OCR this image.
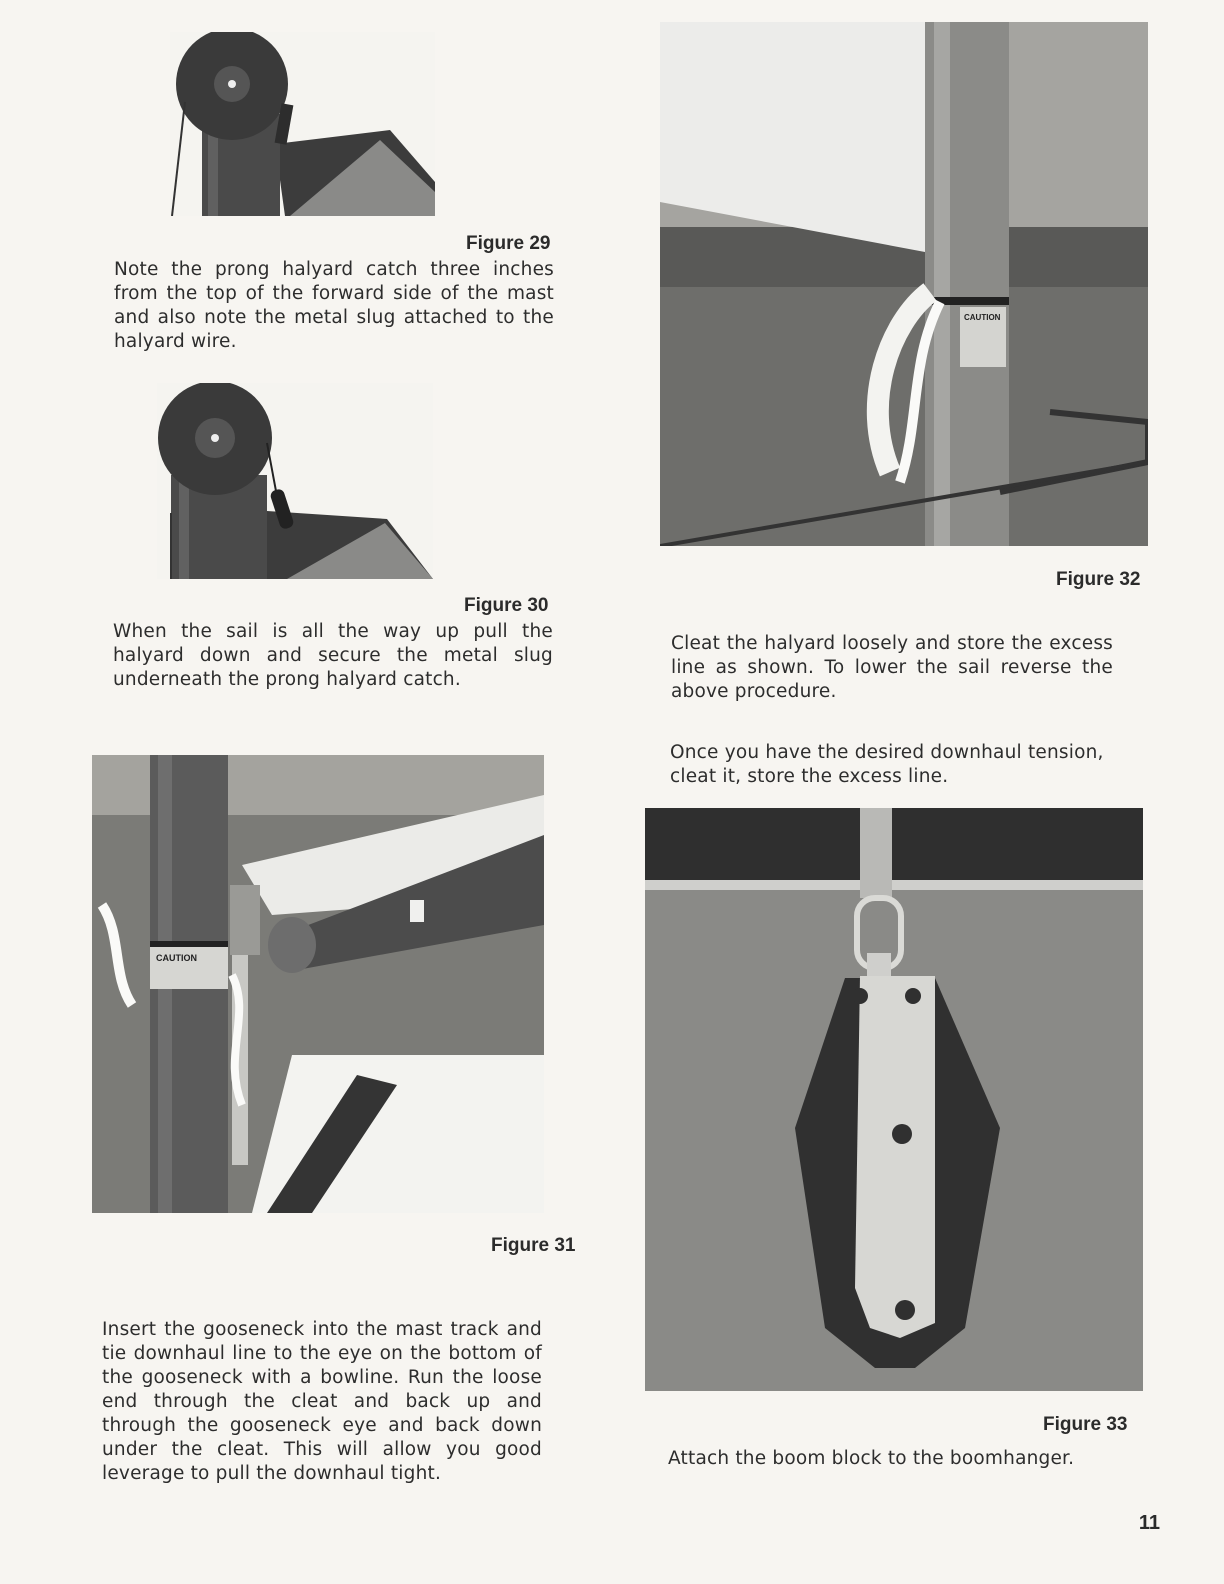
Figure 29

Note the prong halyard catch three inches from the top of the forward side of the mast and also note the metal slug attached to the halyard wire.

Figure 30

When the sail is all the way up pull the halyard down and secure the metal slug underneath the prong halyard catch.

CAUTION

Figure 31

Insert the gooseneck into the mast track and tie downhaul line to the eye on the bottom of the gooseneck with a bowline. Run the loose end through the cleat and back up and through the gooseneck eye and back down under the cleat. This will allow you good leverage to pull the downhaul tight.

CAUTION

Figure 32

Cleat the halyard loosely and store the excess line as shown. To lower the sail reverse the above procedure.

Once you have the desired downhaul tension, cleat it, store the excess line.

Figure 33

Attach the boom block to the boomhanger.

11
